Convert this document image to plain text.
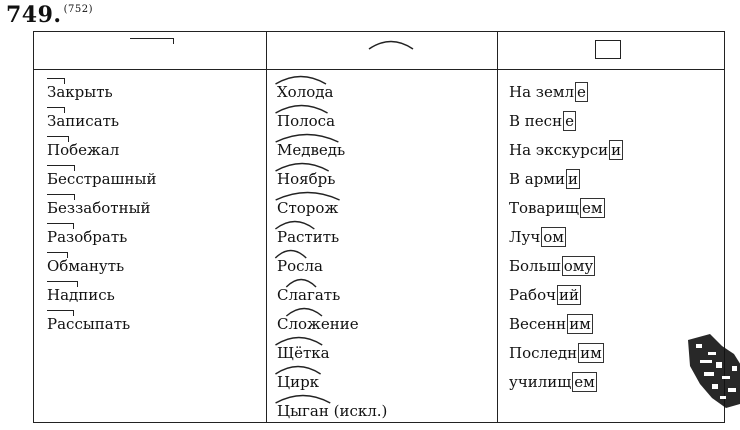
749. $^{(752)}$
Закрыть
Записать
Побежал
Бесстрашный
Беззаботный
Разобрать
Обмануть
Надпись
Рассыпать
Холода
Полоса
Медведь
Ноябрь
Сторож
Растить
Росла
С
лагать
С
ложение
Щётка
Цирк
Цыган (искл.)
На земл е
В песн е
На экскурси и
В арми и
Товарищ ем
Луч ом
Больш ому
Рабоч ий
Весенн им
Последн им
училищ ем
